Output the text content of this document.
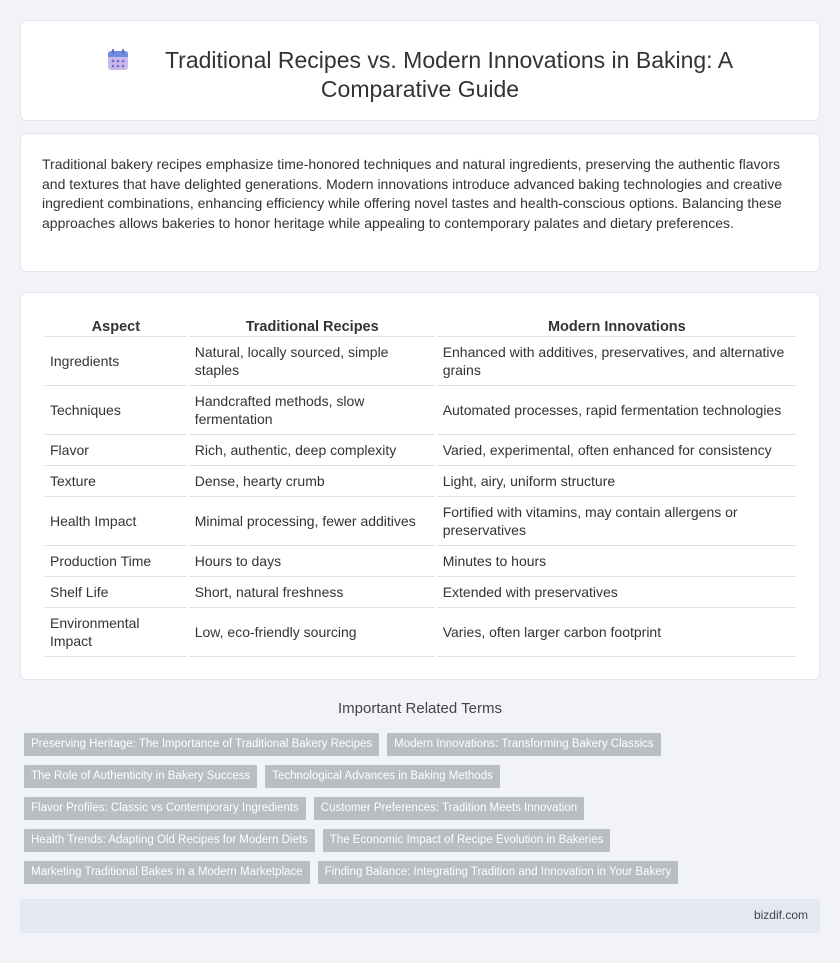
Traditional Recipes vs. Modern Innovations in Baking: A
Comparative Guide

Traditional bakery recipes emphasize time-honored techniques and natural ingredients, preserving the authentic flavors and textures that have delighted generations. Modern innovations introduce advanced baking technologies and creative ingredient combinations, enhancing efficiency while offering novel tastes and health-conscious options. Balancing these approaches allows bakeries to honor heritage while appealing to contemporary palates and dietary preferences.

Aspect	Traditional Recipes	Modern Innovations
Ingredients	Natural, locally sourced, simple staples	Enhanced with additives, preservatives, and alternative grains
Techniques	Handcrafted methods, slow fermentation	Automated processes, rapid fermentation technologies
Flavor	Rich, authentic, deep complexity	Varied, experimental, often enhanced for consistency
Texture	Dense, hearty crumb	Light, airy, uniform structure
Health Impact	Minimal processing, fewer additives	Fortified with vitamins, may contain allergens or preservatives
Production Time	Hours to days	Minutes to hours
Shelf Life	Short, natural freshness	Extended with preservatives
Environmental Impact	Low, eco-friendly sourcing	Varies, often larger carbon footprint
Important Related Terms
Preserving Heritage: The Importance of Traditional Bakery Recipes	Modern Innovations: Transforming Bakery Classics
The Role of Authenticity in Bakery Success	Technological Advances in Baking Methods
Flavor Profiles: Classic vs Contemporary Ingredients	Customer Preferences: Tradition Meets Innovation
Health Trends: Adapting Old Recipes for Modern Diets	The Economic Impact of Recipe Evolution in Bakeries
Marketing Traditional Bakes in a Modern Marketplace	Finding Balance: Integrating Tradition and Innovation in Your Bakery
bizdif.com
